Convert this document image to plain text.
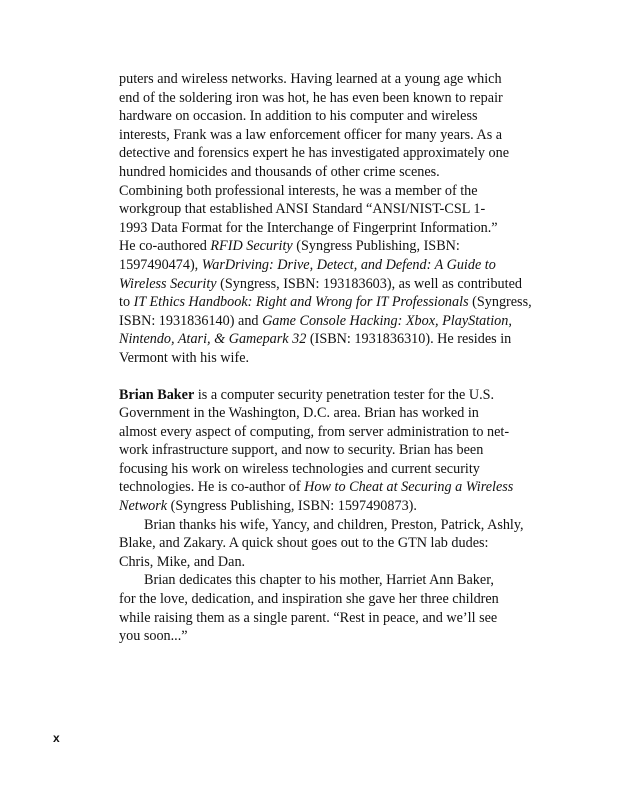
puters and wireless networks. Having learned at a young age which
end of the soldering iron was hot, he has even been known to repair
hardware on occasion. In addition to his computer and wireless
interests, Frank was a law enforcement officer for many years. As a
detective and forensics expert he has investigated approximately one
hundred homicides and thousands of other crime scenes.
Combining both professional interests, he was a member of the
workgroup that established ANSI Standard “ANSI/NIST-CSL 1-
1993 Data Format for the Interchange of Fingerprint Information.”
He co-authored RFID Security (Syngress Publishing, ISBN:
1597490474), WarDriving: Drive, Detect, and Defend: A Guide to
Wireless Security (Syngress, ISBN: 193183603), as well as contributed
to IT Ethics Handbook: Right and Wrong for IT Professionals (Syngress,
ISBN: 1931836140) and Game Console Hacking: Xbox, PlayStation,
Nintendo, Atari, & Gamepark 32 (ISBN: 1931836310). He resides in
Vermont with his wife.
Brian Baker is a computer security penetration tester for the U.S.
Government in the Washington, D.C. area. Brian has worked in
almost every aspect of computing, from server administration to net-
work infrastructure support, and now to security. Brian has been
focusing his work on wireless technologies and current security
technologies. He is co-author of How to Cheat at Securing a Wireless
Network (Syngress Publishing, ISBN: 1597490873).
Brian thanks his wife, Yancy, and children, Preston, Patrick, Ashly,
Blake, and Zakary. A quick shout goes out to the GTN lab dudes:
Chris, Mike, and Dan.
Brian dedicates this chapter to his mother, Harriet Ann Baker,
for the love, dedication, and inspiration she gave her three children
while raising them as a single parent. “Rest in peace, and we’ll see
you soon...”
x
